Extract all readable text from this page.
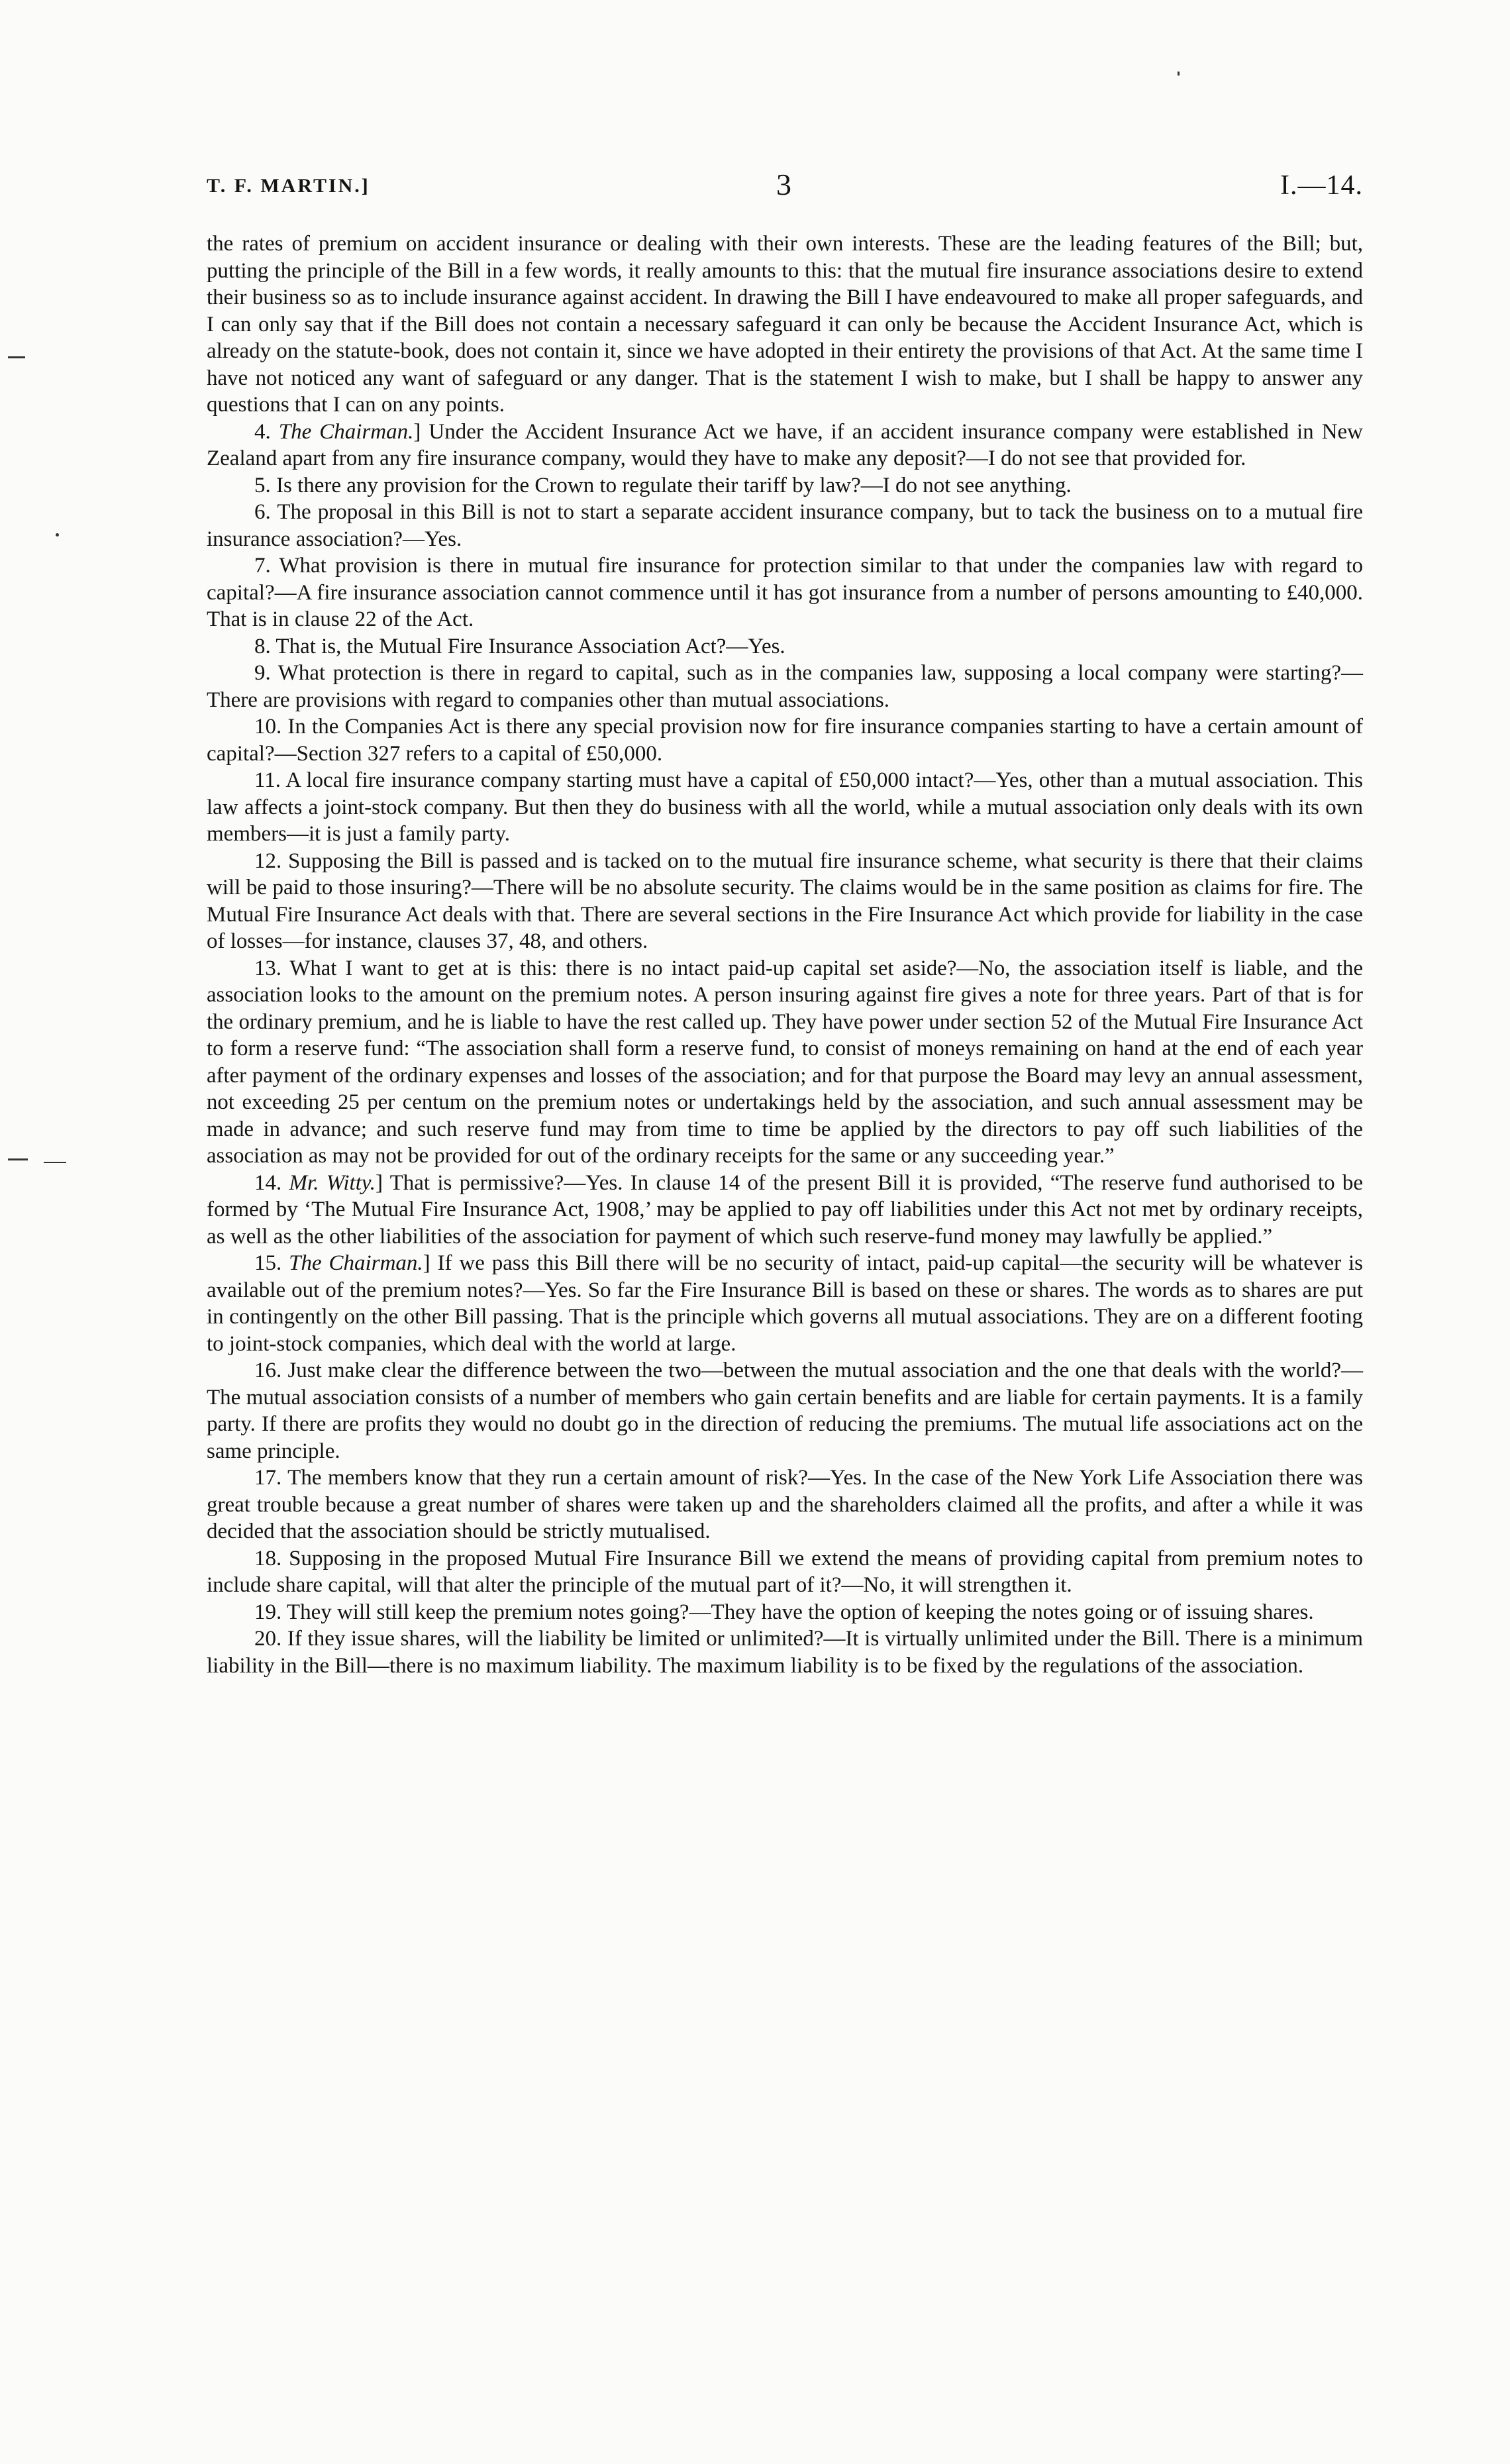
T. F. MARTIN.]	3	I.—14.

the rates of premium on accident insurance or dealing with their own interests. These are the leading features of the Bill; but, putting the principle of the Bill in a few words, it really amounts to this: that the mutual fire insurance associations desire to extend their business so as to include insurance against accident. In drawing the Bill I have endeavoured to make all proper safeguards, and I can only say that if the Bill does not contain a necessary safeguard it can only be because the Accident Insurance Act, which is already on the statute-book, does not contain it, since we have adopted in their entirety the provisions of that Act. At the same time I have not noticed any want of safeguard or any danger. That is the statement I wish to make, but I shall be happy to answer any questions that I can on any points.

4. The Chairman.] Under the Accident Insurance Act we have, if an accident insurance company were established in New Zealand apart from any fire insurance company, would they have to make any deposit?—I do not see that provided for.

5. Is there any provision for the Crown to regulate their tariff by law?—I do not see anything.

6. The proposal in this Bill is not to start a separate accident insurance company, but to tack the business on to a mutual fire insurance association?—Yes.

7. What provision is there in mutual fire insurance for protection similar to that under the companies law with regard to capital?—A fire insurance association cannot commence until it has got insurance from a number of persons amounting to £40,000. That is in clause 22 of the Act.

8. That is, the Mutual Fire Insurance Association Act?—Yes.

9. What protection is there in regard to capital, such as in the companies law, supposing a local company were starting?—There are provisions with regard to companies other than mutual associations.

10. In the Companies Act is there any special provision now for fire insurance companies starting to have a certain amount of capital?—Section 327 refers to a capital of £50,000.

11. A local fire insurance company starting must have a capital of £50,000 intact?—Yes, other than a mutual association. This law affects a joint-stock company. But then they do business with all the world, while a mutual association only deals with its own members—it is just a family party.

12. Supposing the Bill is passed and is tacked on to the mutual fire insurance scheme, what security is there that their claims will be paid to those insuring?—There will be no absolute security. The claims would be in the same position as claims for fire. The Mutual Fire Insurance Act deals with that. There are several sections in the Fire Insurance Act which provide for liability in the case of losses—for instance, clauses 37, 48, and others.

13. What I want to get at is this: there is no intact paid-up capital set aside?—No, the association itself is liable, and the association looks to the amount on the premium notes. A person insuring against fire gives a note for three years. Part of that is for the ordinary premium, and he is liable to have the rest called up. They have power under section 52 of the Mutual Fire Insurance Act to form a reserve fund: “The association shall form a reserve fund, to consist of moneys remaining on hand at the end of each year after payment of the ordinary expenses and losses of the association; and for that purpose the Board may levy an annual assessment, not exceeding 25 per centum on the premium notes or undertakings held by the association, and such annual assessment may be made in advance; and such reserve fund may from time to time be applied by the directors to pay off such liabilities of the association as may not be provided for out of the ordinary receipts for the same or any succeeding year.”

14. Mr. Witty.] That is permissive?—Yes. In clause 14 of the present Bill it is provided, “The reserve fund authorised to be formed by ‘The Mutual Fire Insurance Act, 1908,’ may be applied to pay off liabilities under this Act not met by ordinary receipts, as well as the other liabilities of the association for payment of which such reserve-fund money may lawfully be applied.”

15. The Chairman.] If we pass this Bill there will be no security of intact, paid-up capital—the security will be whatever is available out of the premium notes?—Yes. So far the Fire Insurance Bill is based on these or shares. The words as to shares are put in contingently on the other Bill passing. That is the principle which governs all mutual associations. They are on a different footing to joint-stock companies, which deal with the world at large.

16. Just make clear the difference between the two—between the mutual association and the one that deals with the world?—The mutual association consists of a number of members who gain certain benefits and are liable for certain payments. It is a family party. If there are profits they would no doubt go in the direction of reducing the premiums. The mutual life associations act on the same principle.

17. The members know that they run a certain amount of risk?—Yes. In the case of the New York Life Association there was great trouble because a great number of shares were taken up and the shareholders claimed all the profits, and after a while it was decided that the association should be strictly mutualised.

18. Supposing in the proposed Mutual Fire Insurance Bill we extend the means of providing capital from premium notes to include share capital, will that alter the principle of the mutual part of it?—No, it will strengthen it.

19. They will still keep the premium notes going?—They have the option of keeping the notes going or of issuing shares.

20. If they issue shares, will the liability be limited or unlimited?—It is virtually unlimited under the Bill. There is a minimum liability in the Bill—there is no maximum liability. The maximum liability is to be fixed by the regulations of the association.
